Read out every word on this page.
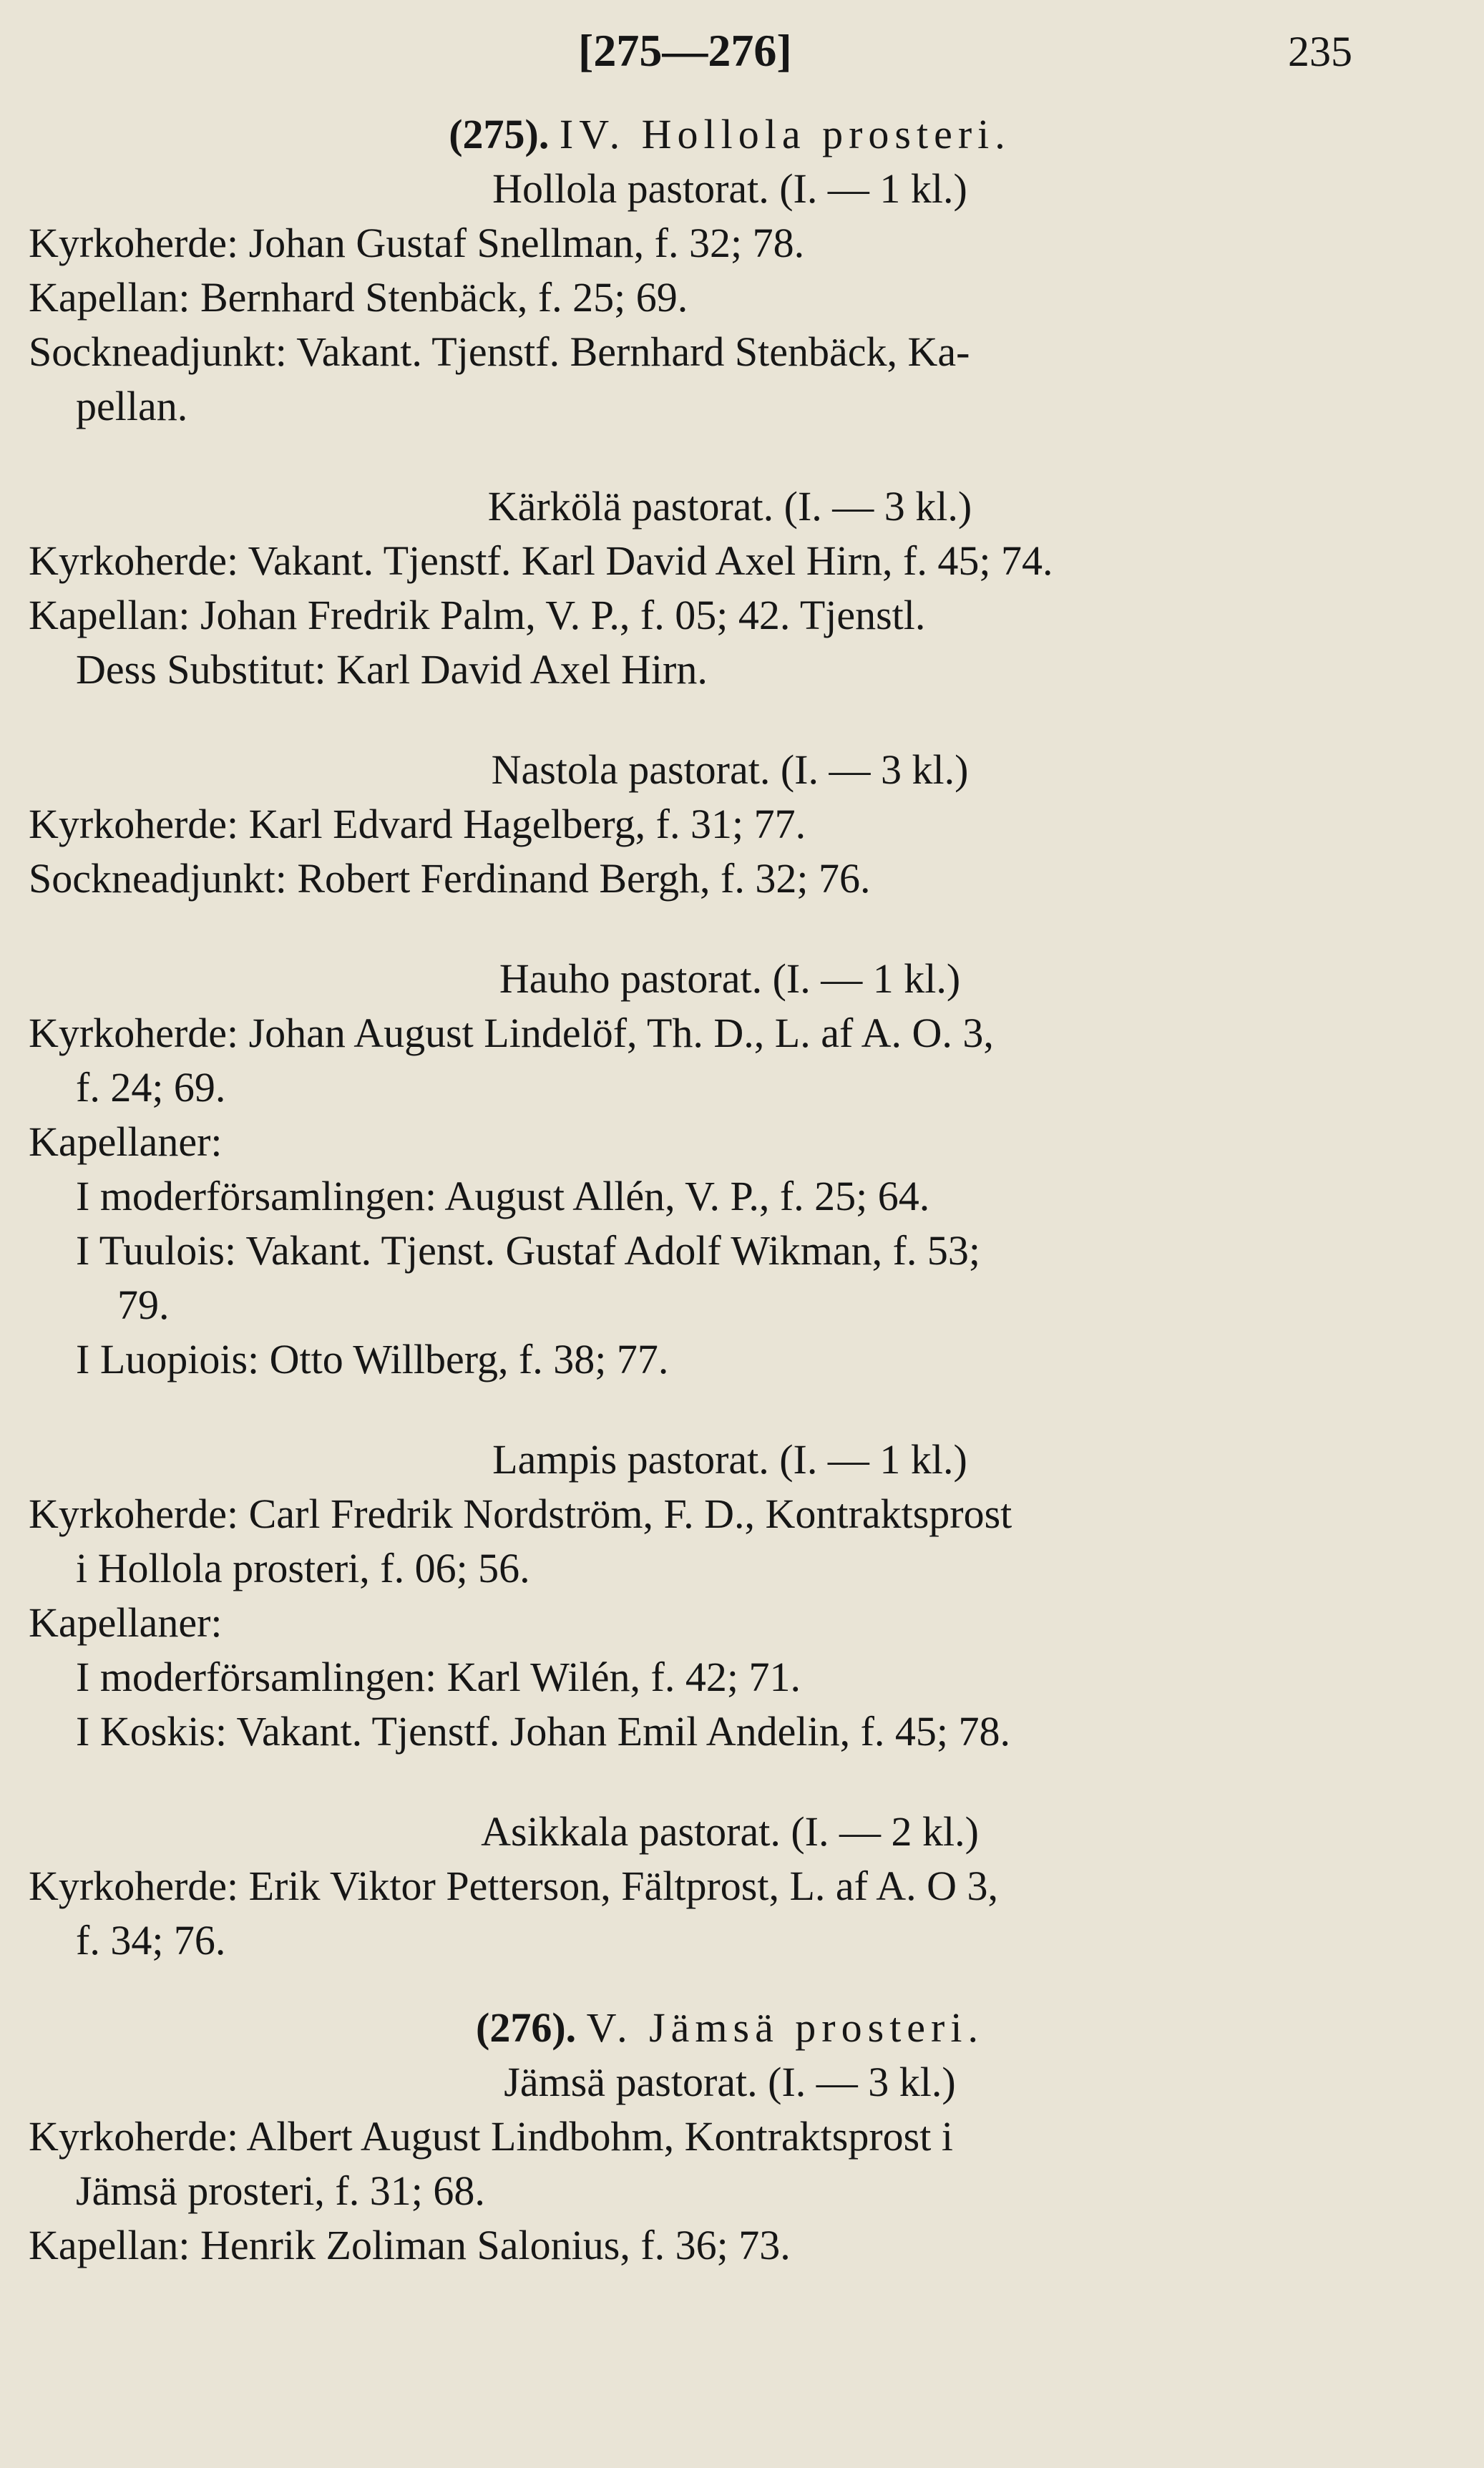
[275—276]	235
(275). IV. Hollola prosteri.
Hollola pastorat. (I. — 1 kl.)
Kyrkoherde: Johan Gustaf Snellman, f. 32; 78.
Kapellan: Bernhard Stenbäck, f. 25; 69.
Sockneadjunkt: Vakant. Tjenstf. Bernhard Stenbäck, Ka-
pellan.
Kärkölä pastorat. (I. — 3 kl.)
Kyrkoherde: Vakant. Tjenstf. Karl David Axel Hirn, f. 45; 74.
Kapellan: Johan Fredrik Palm, V. P., f. 05; 42. Tjenstl.
Dess Substitut: Karl David Axel Hirn.
Nastola pastorat. (I. — 3 kl.)
Kyrkoherde: Karl Edvard Hagelberg, f. 31; 77.
Sockneadjunkt: Robert Ferdinand Bergh, f. 32; 76.
Hauho pastorat. (I. — 1 kl.)
Kyrkoherde: Johan August Lindelöf, Th. D., L. af A. O. 3,
f. 24; 69.
Kapellaner:
I moderförsamlingen: August Allén, V. P., f. 25; 64.
I Tuulois: Vakant. Tjenst. Gustaf Adolf Wikman, f. 53;
79.
I Luopiois: Otto Willberg, f. 38; 77.
Lampis pastorat. (I. — 1 kl.)
Kyrkoherde: Carl Fredrik Nordström, F. D., Kontraktsprost
i Hollola prosteri, f. 06; 56.
Kapellaner:
I moderförsamlingen: Karl Wilén, f. 42; 71.
I Koskis: Vakant. Tjenstf. Johan Emil Andelin, f. 45; 78.
Asikkala pastorat. (I. — 2 kl.)
Kyrkoherde: Erik Viktor Petterson, Fältprost, L. af A. O 3,
f. 34; 76.
(276). V. Jämsä prosteri.
Jämsä pastorat. (I. — 3 kl.)
Kyrkoherde: Albert August Lindbohm, Kontraktsprost i
Jämsä prosteri, f. 31; 68.
Kapellan: Henrik Zoliman Salonius, f. 36; 73.
